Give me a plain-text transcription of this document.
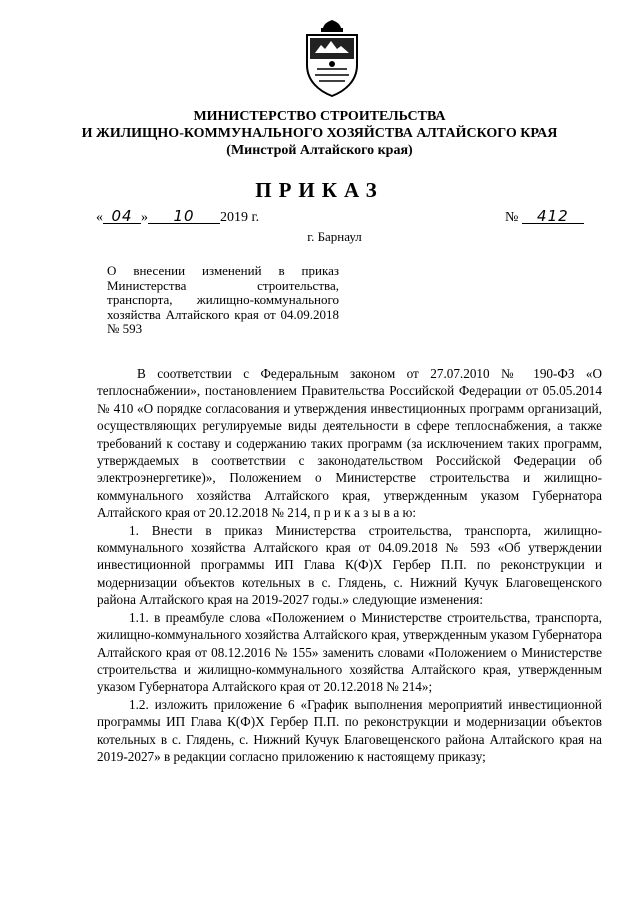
МИНИСТЕРСТВО СТРОИТЕЛЬСТВА
И ЖИЛИЩНО-КОММУНАЛЬНОГО ХОЗЯЙСТВА АЛТАЙСКОГО КРАЯ
(Минстрой Алтайского края)
ПРИКАЗ
« 04 » 10 2019 г.	№ 412
г. Барнаул
О внесении изменений в приказ Министерства строительства, транспорта, жилищно-коммунального хозяйства Алтайского края от 04.09.2018 № 593

В соответствии с Федеральным законом от 27.07.2010 № 190-ФЗ «О теплоснабжении», постановлением Правительства Российской Федерации от 05.05.2014 № 410 «О порядке согласования и утверждения инвестиционных программ организаций, осуществляющих регулируемые виды деятельности в сфере теплоснабжения, а также требований к составу и содержанию таких программ (за исключением таких программ, утверждаемых в соответствии с законодательством Российской Федерации об электроэнергетике)», Положением о Министерстве строительства и жилищно-коммунального хозяйства Алтайского края, утвержденным указом Губернатора Алтайского края от 20.12.2018 № 214, п р и к а з ы в а ю:

1. Внести в приказ Министерства строительства, транспорта, жилищно-коммунального хозяйства Алтайского края от 04.09.2018 № 593 «Об утверждении инвестиционной программы ИП Глава К(Ф)Х Гербер П.П. по реконструкции и модернизации объектов котельных в с. Глядень, с. Нижний Кучук Благовещенского района Алтайского края на 2019-2027 годы.» следующие изменения:

1.1. в преамбуле слова «Положением о Министерстве строительства, транспорта, жилищно-коммунального хозяйства Алтайского края, утвержденным указом Губернатора Алтайского края от 08.12.2016 № 155» заменить словами «Положением о Министерстве строительства и жилищно-коммунального хозяйства Алтайского края, утвержденным указом Губернатора Алтайского края от 20.12.2018 № 214»;

1.2. изложить приложение 6 «График выполнения мероприятий инвестиционной программы ИП Глава К(Ф)Х Гербер П.П. по реконструкции и модернизации объектов котельных в с. Глядень, с. Нижний Кучук Благовещенского района Алтайского края на 2019-2027» в редакции согласно приложению к настоящему приказу;
